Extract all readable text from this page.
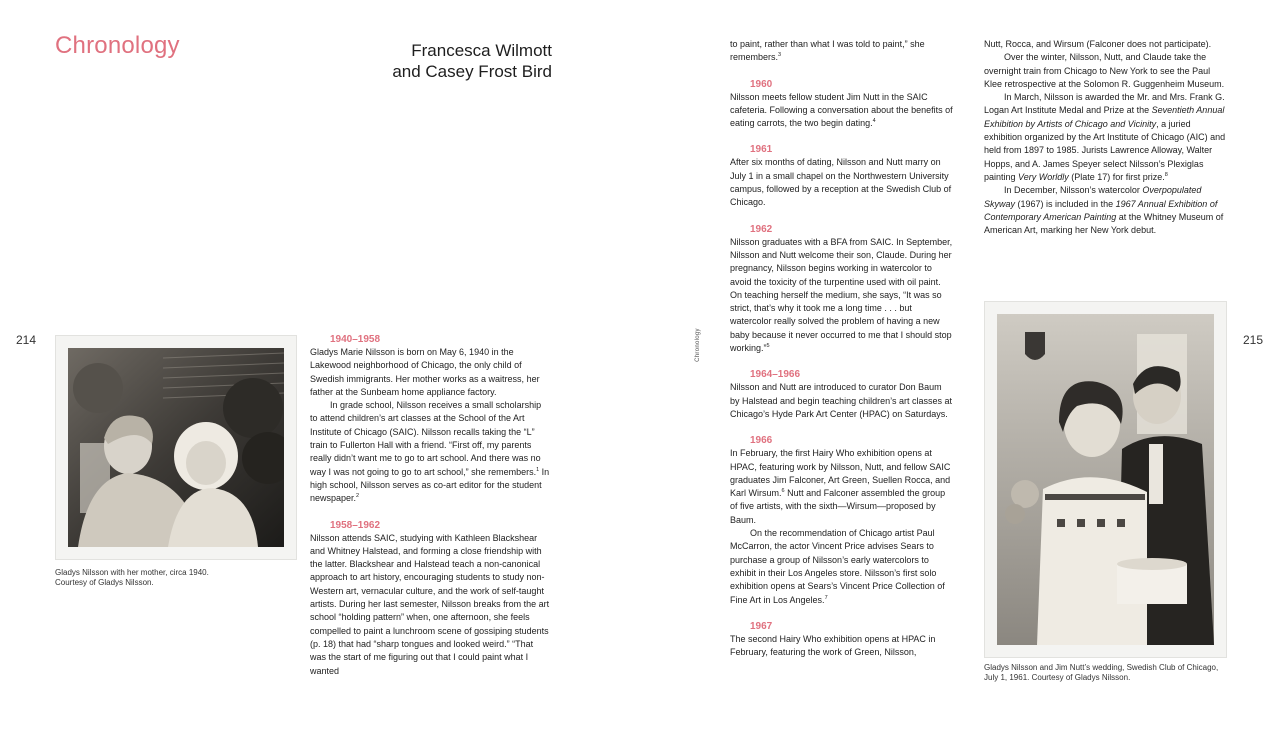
Chronology	Francesca Wilmott
and Casey Frost Bird
214	215
Chronology
Gladys Nilsson with her mother, circa 1940.
Courtesy of Gladys Nilsson.
Gladys Nilsson and Jim Nutt’s wedding, Swedish Club of Chicago,
July 1, 1961. Courtesy of Gladys Nilsson.
1940–1958

Gladys Marie Nilsson is born on May 6, 1940 in the Lakewood neighborhood of Chicago, the only child of Swedish immigrants. Her mother works as a waitress, her father at the Sunbeam home appliance factory.

In grade school, Nilsson receives a small scholarship to attend children’s art classes at the School of the Art Institute of Chicago (SAIC). Nilsson recalls taking the “L” train to Fullerton Hall with a friend. “First off, my parents really didn’t want me to go to art school. And there was no way I was not going to go to art school,” she remembers.$^1$ In high school, Nilsson serves as co-art editor for the student newspaper.$^2$

1958–1962

Nilsson attends SAIC, studying with Kathleen Blackshear and Whitney Halstead, and forming a close friendship with the latter. Blackshear and Halstead teach a non-canonical approach to art history, encouraging students to study non-Western art, vernacular culture, and the work of self-taught artists. During her last semester, Nilsson breaks from the art school “holding pattern” when, one afternoon, she feels compelled to paint a lunchroom scene of gossiping students (p. 18) that had “sharp tongues and looked weird.” “That was the start of me figuring out that I could paint what I wanted

to paint, rather than what I was told to paint,” she remembers.$^3$

1960

Nilsson meets fellow student Jim Nutt in the SAIC cafeteria. Following a conversation about the benefits of eating carrots, the two begin dating.$^4$

1961

After six months of dating, Nilsson and Nutt marry on July 1 in a small chapel on the Northwestern University campus, followed by a reception at the Swedish Club of Chicago.

1962

Nilsson graduates with a BFA from SAIC. In September, Nilsson and Nutt welcome their son, Claude. During her pregnancy, Nilsson begins working in watercolor to avoid the toxicity of the turpentine used with oil paint. On teaching herself the medium, she says, “It was so strict, that’s why it took me a long time . . . but watercolor really solved the problem of having a new baby because it never occurred to me that I should stop working.”$^5$

1964–1966

Nilsson and Nutt are introduced to curator Don Baum by Halstead and begin teaching children’s art classes at Chicago’s Hyde Park Art Center (HPAC) on Saturdays.

1966

In February, the first Hairy Who exhibition opens at HPAC, featuring work by Nilsson, Nutt, and fellow SAIC graduates Jim Falconer, Art Green, Suellen Rocca, and Karl Wirsum.$^6$ Nutt and Falconer assembled the group of five artists, with the sixth—Wirsum—proposed by Baum.

On the recommendation of Chicago artist Paul McCarron, the actor Vincent Price advises Sears to purchase a group of Nilsson’s early watercolors to exhibit in their Los Angeles store. Nilsson’s first solo exhibition opens at Sears’s Vincent Price Collection of Fine Art in Los Angeles.$^7$

1967

The second Hairy Who exhibition opens at HPAC in February, featuring the work of Green, Nilsson,

Nutt, Rocca, and Wirsum (Falconer does not participate).

Over the winter, Nilsson, Nutt, and Claude take the overnight train from Chicago to New York to see the Paul Klee retrospective at the Solomon R. Guggenheim Museum.

In March, Nilsson is awarded the Mr. and Mrs. Frank G. Logan Art Institute Medal and Prize at the Seventieth Annual Exhibition by Artists of Chicago and Vicinity, a juried exhibition organized by the Art Institute of Chicago (AIC) and held from 1897 to 1985. Jurists Lawrence Alloway, Walter Hopps, and A. James Speyer select Nilsson’s Plexiglas painting Very Worldly (Plate 17) for first prize.$^8$

In December, Nilsson’s watercolor Overpopulated Skyway (1967) is included in the 1967 Annual Exhibition of Contemporary American Painting at the Whitney Museum of American Art, marking her New York debut.
